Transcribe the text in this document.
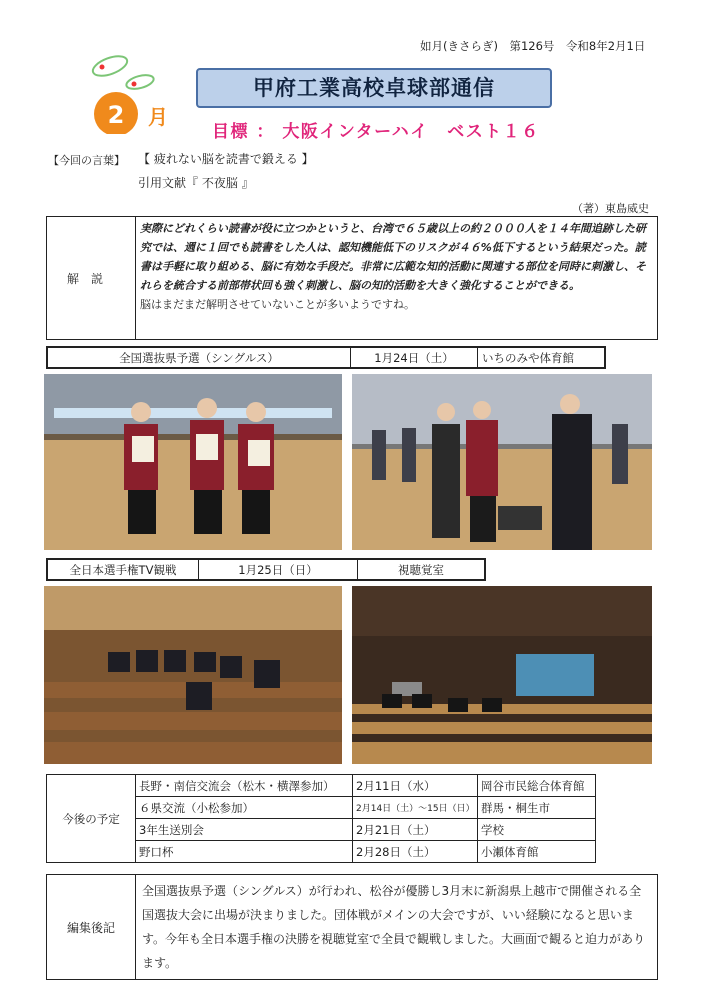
如月(きさらぎ)　第126号　令和8年2月1日
2 月
甲府工業高校卓球部通信
目標 ： 大阪インターハイ　ベスト１６
【今回の言葉】 【 疲れない脳を読書で鍛える 】
引用文献『 不夜脳 』
（著）東島威史
解説	実際にどれくらい読書が役に立つかというと、台湾で６５歳以上の約２０００人を１４年間追跡した研究では、週に１回でも読書をした人は、認知機能低下のリスクが４６%低下するという結果だった。読書は手軽に取り組める、脳に有効な手段だ。非常に広範な知的活動に関連する部位を同時に刺激し、それらを統合する前部帯状回も強く刺激し、脳の知的活動を大きく強化することができる。
脳はまだまだ解明させていないことが多いようですね。
全国選抜県予選（シングルス）	1月24日（土）	いちのみや体育館
全日本選手権TV観戦	1月25日（日）	視聴覚室
今後の予定	長野・南信交流会（松木・横澤参加）	2月11日（水）	岡谷市民総合体育館
	６県交流（小松参加）	2月14日（土）～15日（日）	群馬・桐生市
	3年生送別会	2月21日（土）	学校
	野口杯	2月28日（土）	小瀬体育館
編集後記	全国選抜県予選（シングルス）が行われ、松谷が優勝し3月末に新潟県上越市で開催される全国選抜大会に出場が決まりました。団体戦がメインの大会ですが、いい経験になると思います。今年も全日本選手権の決勝を視聴覚室で全員で観戦しました。大画面で観ると迫力があります。
